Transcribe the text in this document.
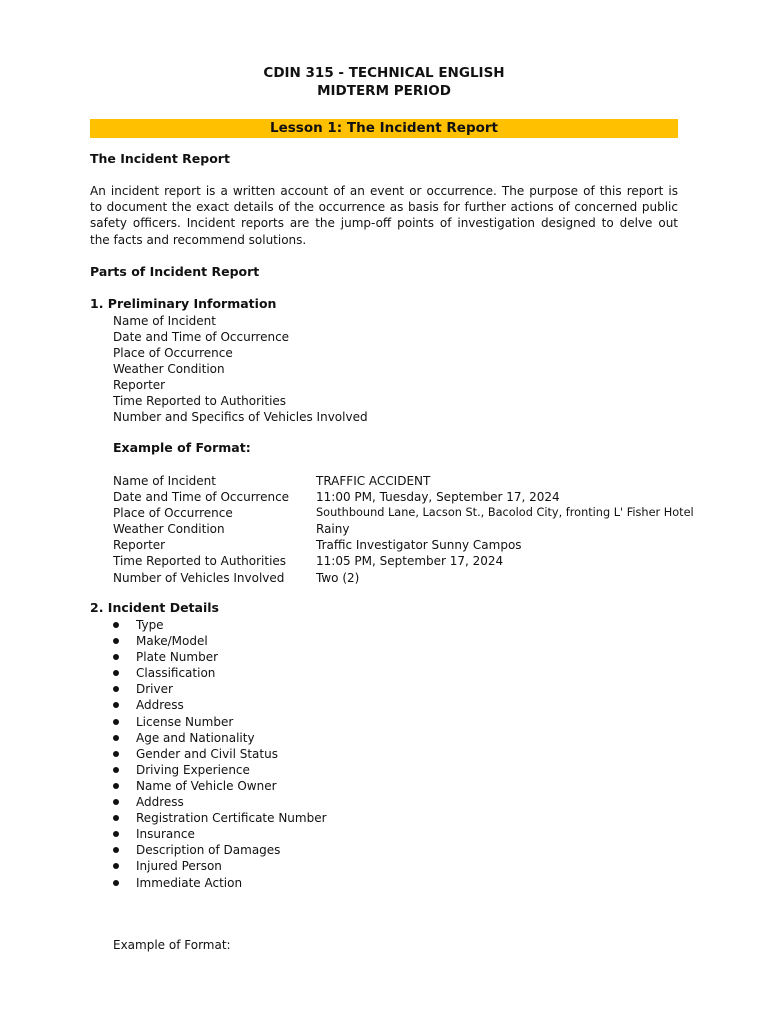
CDIN 315 - TECHNICAL ENGLISH
MIDTERM PERIOD
Lesson 1: The Incident Report
The Incident Report
An incident report is a written account of an event or occurrence. The purpose of this report is
to document the exact details of the occurrence as basis for further actions of concerned public
safety officers. Incident reports are the jump-off points of investigation designed to delve out
the facts and recommend solutions.
Parts of Incident Report
1. Preliminary Information
Name of Incident
Date and Time of Occurrence
Place of Occurrence
Weather Condition
Reporter
Time Reported to Authorities
Number and Specifics of Vehicles Involved
Example of Format:
Name of Incident	TRAFFIC ACCIDENT
Date and Time of Occurrence 11:00 PM, Tuesday, September 17, 2024
Place of Occurrence	Southbound Lane, Lacson St., Bacolod City, fronting L' Fisher Hotel
Weather Condition	Rainy
Reporter	Traffic Investigator Sunny Campos
Time Reported to Authorities 11:05 PM, September 17, 2024
Number of Vehicles Involved	Two (2)
2. Incident Details
Type
Make/Model
Plate Number
Classification
Driver
Address
License Number
Age and Nationality
Gender and Civil Status
Driving Experience
Name of Vehicle Owner
Address
Registration Certificate Number
Insurance
Description of Damages
Injured Person
Immediate Action
Example of Format:
